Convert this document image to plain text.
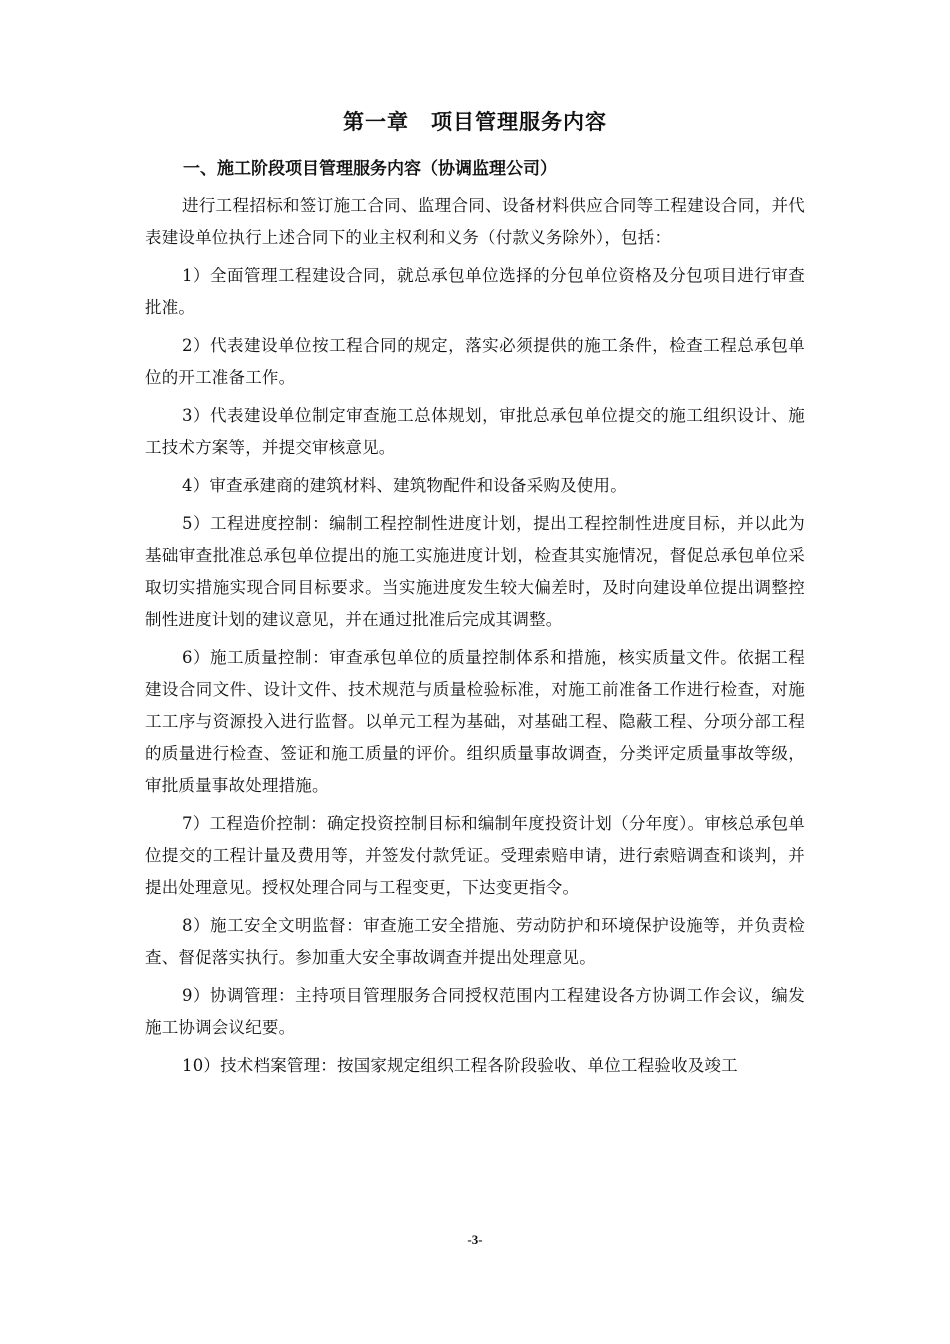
第一章　项目管理服务内容
一、施工阶段项目管理服务内容（协调监理公司）

进行工程招标和签订施工合同、监理合同、设备材料供应合同等工程建设合同，并代表建设单位执行上述合同下的业主权利和义务（付款义务除外），包括：

1）全面管理工程建设合同，就总承包单位选择的分包单位资格及分包项目进行审查批准。

2）代表建设单位按工程合同的规定，落实必须提供的施工条件，检查工程总承包单位的开工准备工作。

3）代表建设单位制定审查施工总体规划，审批总承包单位提交的施工组织设计、施工技术方案等，并提交审核意见。

4）审查承建商的建筑材料、建筑物配件和设备采购及使用。

5）工程进度控制：编制工程控制性进度计划，提出工程控制性进度目标，并以此为基础审查批准总承包单位提出的施工实施进度计划，检查其实施情况，督促总承包单位采取切实措施实现合同目标要求。当实施进度发生较大偏差时，及时向建设单位提出调整控制性进度计划的建议意见，并在通过批准后完成其调整。

6）施工质量控制：审查承包单位的质量控制体系和措施，核实质量文件。依据工程建设合同文件、设计文件、技术规范与质量检验标准，对施工前准备工作进行检查，对施工工序与资源投入进行监督。以单元工程为基础，对基础工程、隐蔽工程、分项分部工程的质量进行检查、签证和施工质量的评价。组织质量事故调查，分类评定质量事故等级，审批质量事故处理措施。

7）工程造价控制：确定投资控制目标和编制年度投资计划（分年度）。审核总承包单位提交的工程计量及费用等，并签发付款凭证。受理索赔申请，进行索赔调查和谈判，并提出处理意见。授权处理合同与工程变更，下达变更指令。

8）施工安全文明监督：审查施工安全措施、劳动防护和环境保护设施等，并负责检查、督促落实执行。参加重大安全事故调查并提出处理意见。

9）协调管理：主持项目管理服务合同授权范围内工程建设各方协调工作会议，编发施工协调会议纪要。

10）技术档案管理：按国家规定组织工程各阶段验收、单位工程验收及竣工

-3-
